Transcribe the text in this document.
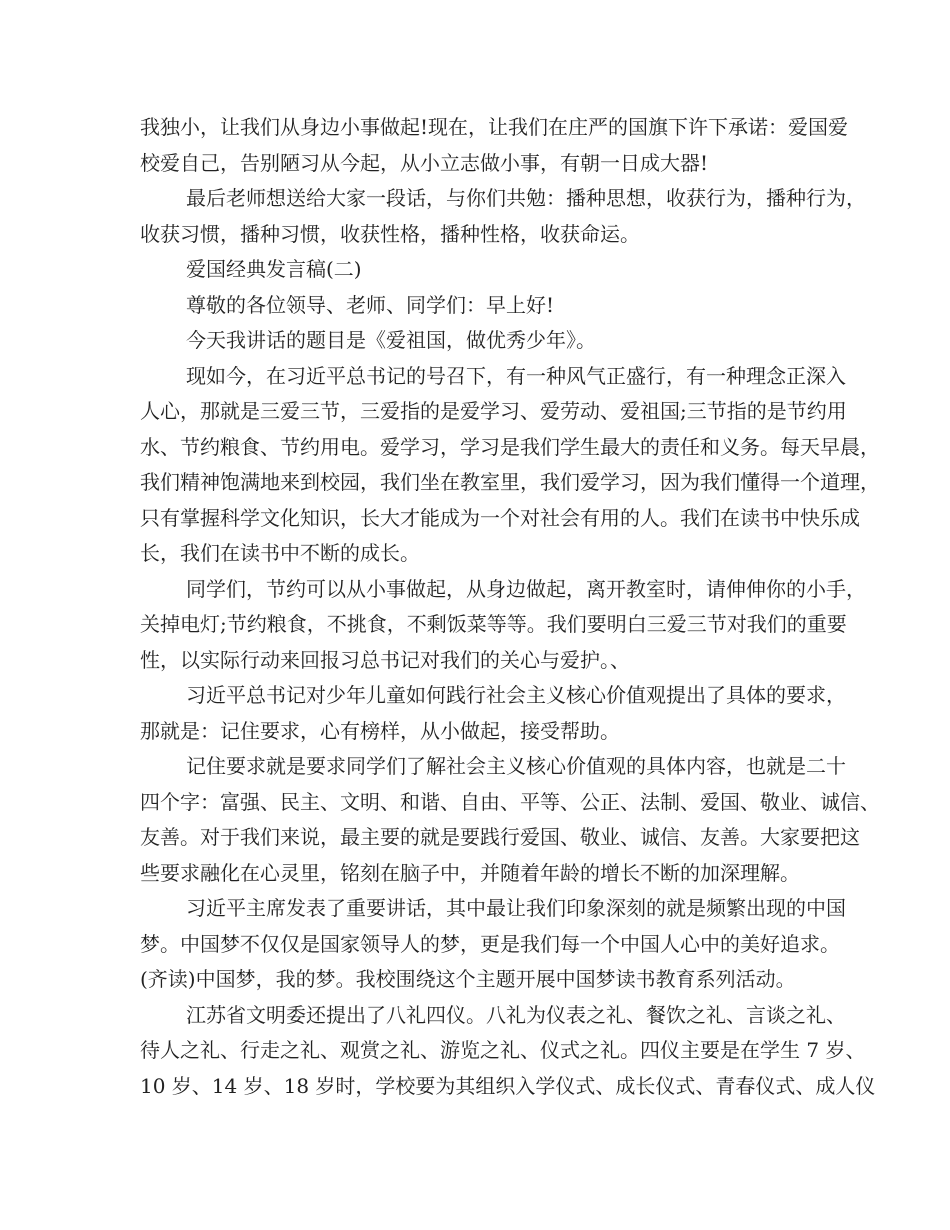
我独小，让我们从身边小事做起!现在，让我们在庄严的国旗下许下承诺：爱国爱
校爱自己，告别陋习从今起，从小立志做小事，有朝一日成大器!
最后老师想送给大家一段话，与你们共勉：播种思想，收获行为，播种行为，
收获习惯，播种习惯，收获性格，播种性格，收获命运。
爱国经典发言稿(二)
尊敬的各位领导、老师、同学们：早上好!
今天我讲话的题目是《爱祖国，做优秀少年》。
现如今，在习近平总书记的号召下，有一种风气正盛行，有一种理念正深入
人心，那就是三爱三节，三爱指的是爱学习、爱劳动、爱祖国;三节指的是节约用
水、节约粮食、节约用电。爱学习，学习是我们学生最大的责任和义务。每天早晨，
我们精神饱满地来到校园，我们坐在教室里，我们爱学习，因为我们懂得一个道理，
只有掌握科学文化知识，长大才能成为一个对社会有用的人。我们在读书中快乐成
长，我们在读书中不断的成长。
同学们，节约可以从小事做起，从身边做起，离开教室时，请伸伸你的小手，
关掉电灯;节约粮食，不挑食，不剩饭菜等等。我们要明白三爱三节对我们的重要
性，以实际行动来回报习总书记对我们的关心与爱护。、
习近平总书记对少年儿童如何践行社会主义核心价值观提出了具体的要求，
那就是：记住要求，心有榜样，从小做起，接受帮助。
记住要求就是要求同学们了解社会主义核心价值观的具体内容，也就是二十
四个字：富强、民主、文明、和谐、自由、平等、公正、法制、爱国、敬业、诚信、
友善。对于我们来说，最主要的就是要践行爱国、敬业、诚信、友善。大家要把这
些要求融化在心灵里，铭刻在脑子中，并随着年龄的增长不断的加深理解。
习近平主席发表了重要讲话，其中最让我们印象深刻的就是频繁出现的中国
梦。中国梦不仅仅是国家领导人的梦，更是我们每一个中国人心中的美好追求。
(齐读)中国梦，我的梦。我校围绕这个主题开展中国梦读书教育系列活动。
江苏省文明委还提出了八礼四仪。八礼为仪表之礼、餐饮之礼、言谈之礼、
待人之礼、行走之礼、观赏之礼、游览之礼、仪式之礼。四仪主要是在学生 7 岁、
10 岁、14 岁、18 岁时，学校要为其组织入学仪式、成长仪式、青春仪式、成人仪
